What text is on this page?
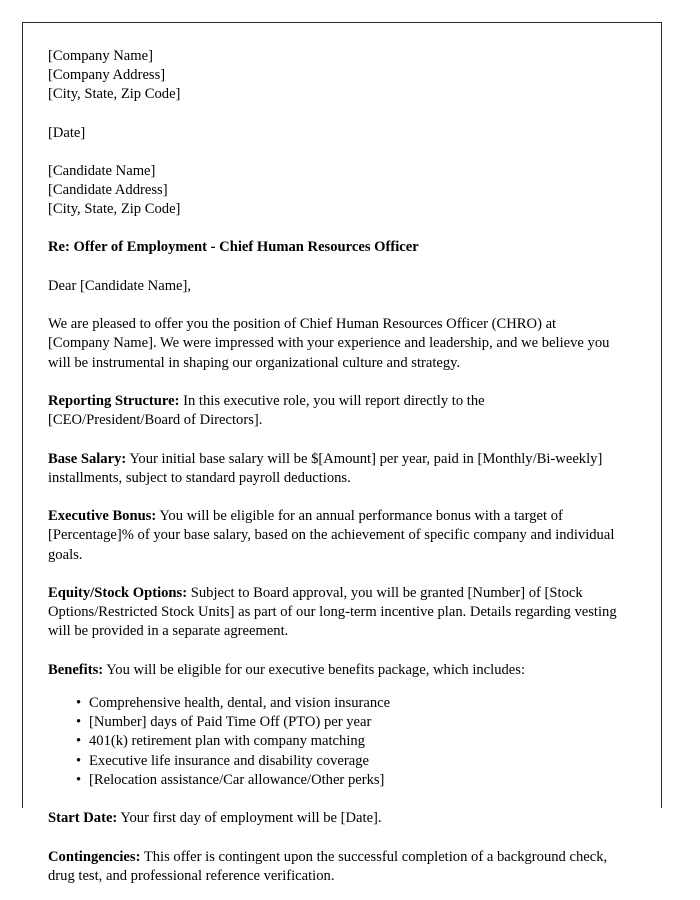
[Company Name]
[Company Address]
[City, State, Zip Code]
[Date]
[Candidate Name]
[Candidate Address]
[City, State, Zip Code]

Re: Offer of Employment - Chief Human Resources Officer

Dear [Candidate Name],

We are pleased to offer you the position of Chief Human Resources Officer (CHRO) at [Company Name]. We were impressed with your experience and leadership, and we believe you will be instrumental in shaping our organizational culture and strategy.

Reporting Structure: In this executive role, you will report directly to the [CEO/President/Board of Directors].

Base Salary: Your initial base salary will be $[Amount] per year, paid in [Monthly/Bi-weekly] installments, subject to standard payroll deductions.

Executive Bonus: You will be eligible for an annual performance bonus with a target of [Percentage]% of your base salary, based on the achievement of specific company and individual goals.

Equity/Stock Options: Subject to Board approval, you will be granted [Number] of [Stock Options/Restricted Stock Units] as part of our long-term incentive plan. Details regarding vesting will be provided in a separate agreement.

Benefits: You will be eligible for our executive benefits package, which includes:

• Comprehensive health, dental, and vision insurance
• [Number] days of Paid Time Off (PTO) per year
• 401(k) retirement plan with company matching
• Executive life insurance and disability coverage
• [Relocation assistance/Car allowance/Other perks]

Start Date: Your first day of employment will be [Date].

Contingencies: This offer is contingent upon the successful completion of a background check, drug test, and professional reference verification.
